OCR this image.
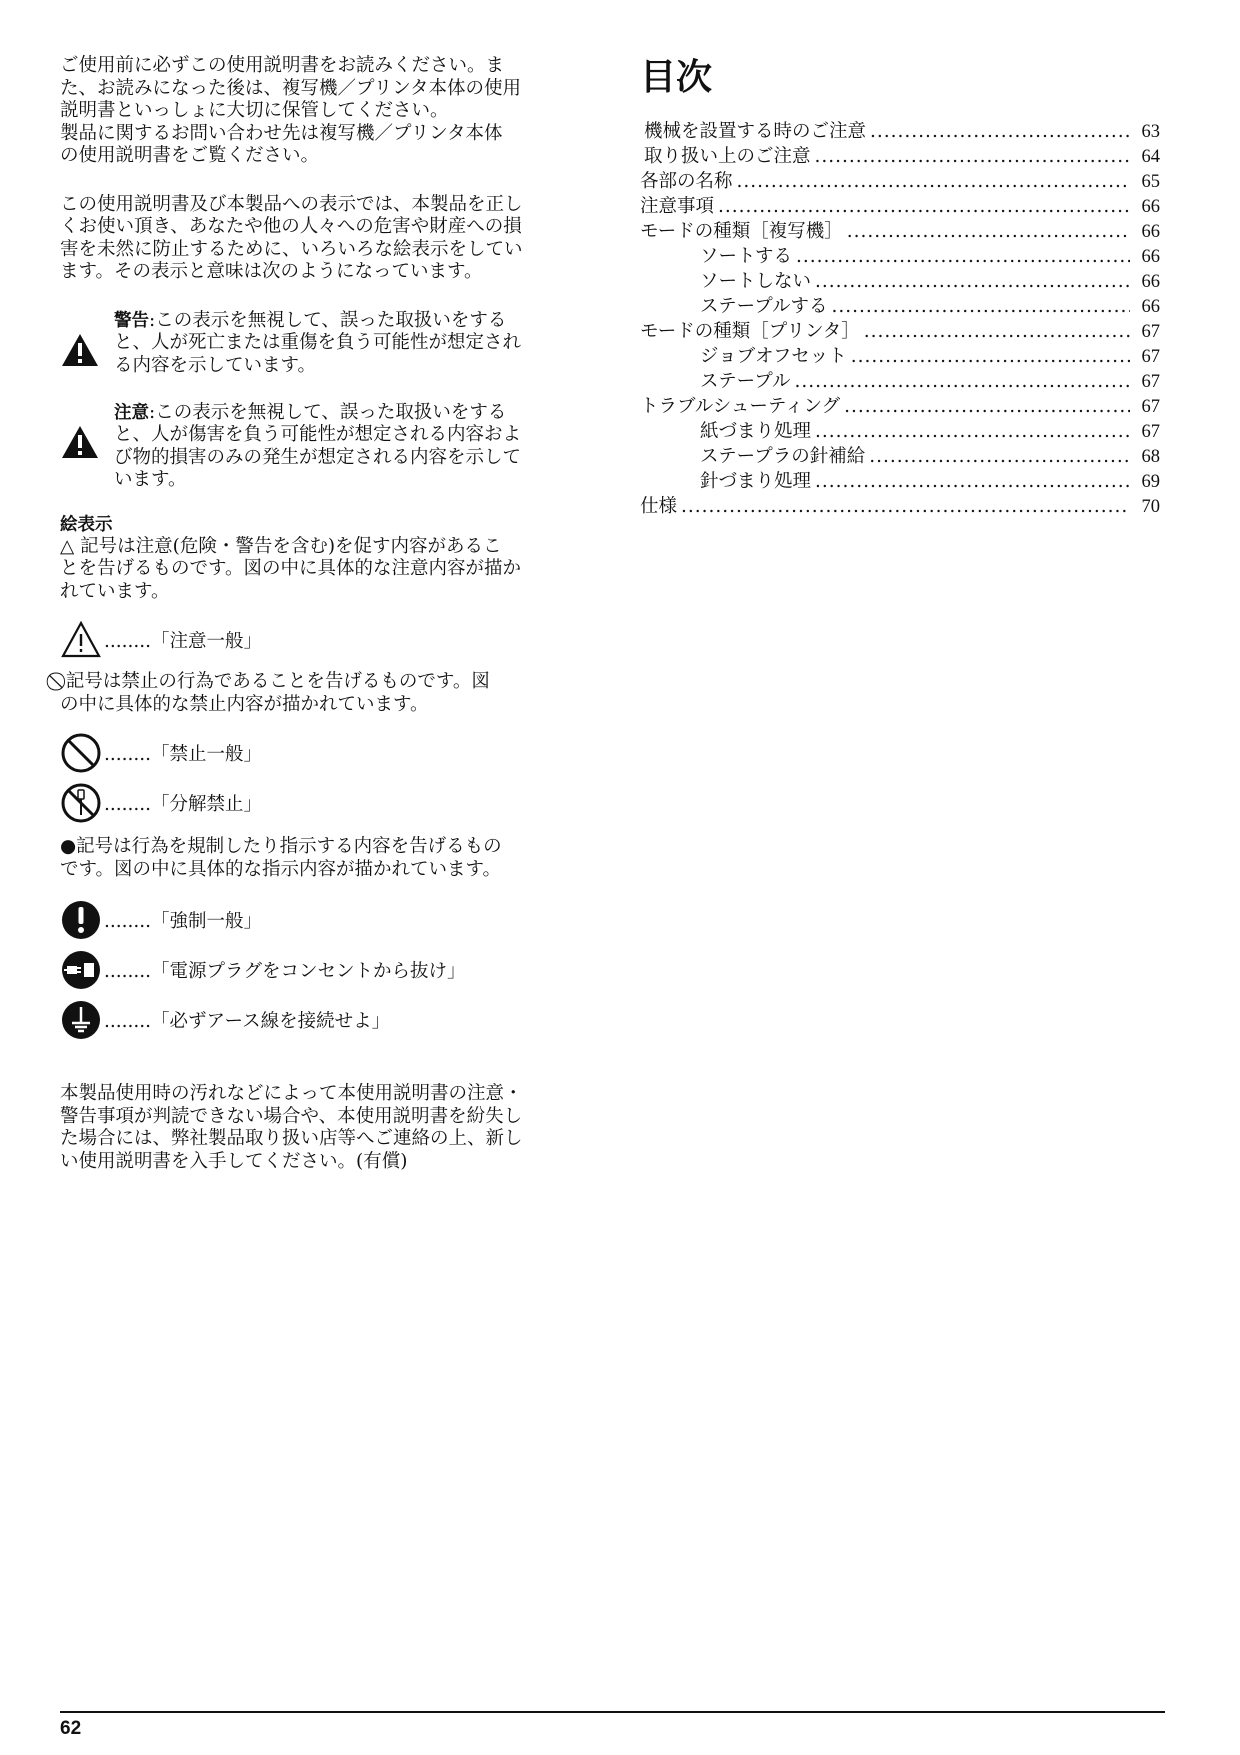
ご使用前に必ずこの使用説明書をお読みください。ま
た、お読みになった後は、複写機／プリンタ本体の使用
説明書といっしょに大切に保管してください。
製品に関するお問い合わせ先は複写機／プリンタ本体
の使用説明書をご覧ください。

この使用説明書及び本製品への表示では、本製品を正し
くお使い頂き、あなたや他の人々への危害や財産への損
害を未然に防止するために、いろいろな絵表示をしてい
ます。その表示と意味は次のようになっています。

警告:この表示を無視して、誤った取扱いをする
と、人が死亡または重傷を負う可能性が想定され
る内容を示しています。
注意:この表示を無視して、誤った取扱いをする
と、人が傷害を負う可能性が想定される内容およ
び物的損害のみの発生が想定される内容を示して
います。
絵表示

△ 記号は注意(危険・警告を含む)を促す内容があるこ
とを告げるものです。図の中に具体的な注意内容が描か
れています。

........「注意一般」

記号は禁止の行為であることを告げるものです。図
の中に具体的な禁止内容が描かれています。

........「禁止一般」
........「分解禁止」

●記号は行為を規制したり指示する内容を告げるもの
です。図の中に具体的な指示内容が描かれています。

........「強制一般」
........「電源プラグをコンセントから抜け」
........「必ずアース線を接続せよ」

本製品使用時の汚れなどによって本使用説明書の注意・
警告事項が判読できない場合や、本使用説明書を紛失し
た場合には、弊社製品取り扱い店等へご連絡の上、新し
い使用説明書を入手してください。(有償)

目次
機械を設置する時のご注意 .....	63
取り扱い上のご注意 .....	64
各部の名称 .....	65
注意事項 .....	66
モードの種類［複写機］ .....	66
ソートする .....	66
ソートしない .....	66
ステープルする .....	66
モードの種類［プリンタ］ .....	67
ジョブオフセット .....	67
ステープル .....	67
トラブルシューティング .....	67
紙づまり処理 .....	67
ステープラの針補給 .....	68
針づまり処理 .....	69
仕様 .....	70
62
